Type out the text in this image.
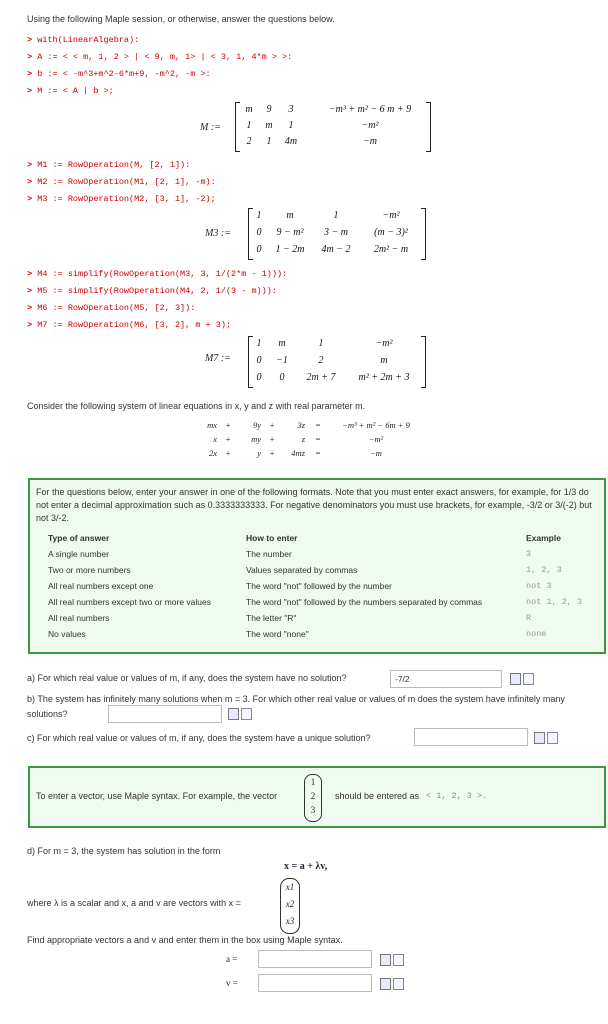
Using the following Maple session, or otherwise, answer the questions below.
> with(LinearAlgebra):
> A := < < m, 1, 2 > | < 9, m, 1> | < 3, 1, 4*m > >:
> b := < -m^3+m^2-6*m+9, -m^2, -m >:
> M := < A | b >;
M :=
m	9	3	−m³ + m² − 6 m + 9
1	m	1	−m²
2	1	4m	−m
> M1 := RowOperation(M, [2, 1]):
> M2 := RowOperation(M1, [2, 1], -m):
> M3 := RowOperation(M2, [3, 1], -2);
M3 :=
1	m	1	−m²
0	9 − m²	3 − m	(m − 3)²
0	1 − 2m	4m − 2	2m² − m
> M4 := simplify(RowOperation(M3, 3, 1/(2*m - 1))):
> M5 := simplify(RowOperation(M4, 2, 1/(3 - m))):
> M6 := RowOperation(M5, [2, 3]):
> M7 := RowOperation(M6, [3, 2], m + 3);
M7 :=
1	m	1	−m²
0	−1	2	m
0	0	2m + 7	m² + 2m + 3
Consider the following system of linear equations in x, y and z with real parameter m.
mx	+	9y	+	3z	=	−m³ + m² − 6m + 9
x	+	my	+	z	=	−m²
2x	+	y	+	4mz	=	−m
For the questions below, enter your answer in one of the following formats. Note that you must enter exact answers, for example, for 1/3 do not enter a decimal approximation such as 0.3333333333. For negative denominators you must use brackets, for example, -3/2 or 3/(-2) but not 3/-2.
Type of answer	How to enter	Example
A single number	The number	3
Two or more numbers	Values separated by commas	1, 2, 3
All real numbers except one	The word "not" followed by the number	not 3
All real numbers except two or more values	The word "not" followed by the numbers separated by commas	not 1, 2, 3
All real numbers	The letter "R"	R
No values	The word "none"	none
a) For which real value or values of m, if any, does the system have no solution?	-7/2
b) The system has infinitely many solutions when m = 3. For which other real value or values of m does the system have infinitely many solutions?
c) For which real value or values of m, if any, does the system have a unique solution?
To enter a vector, use Maple syntax. For example, the vector
1
2
3
should be entered as < 1, 2, 3 >.
d) For m = 3, the system has solution in the form
x = a + λv,
where λ is a scalar and x, a and v are vectors with x =
x1
x2
x3
Find appropriate vectors a and v and enter them in the box using Maple syntax.
a =
v =
